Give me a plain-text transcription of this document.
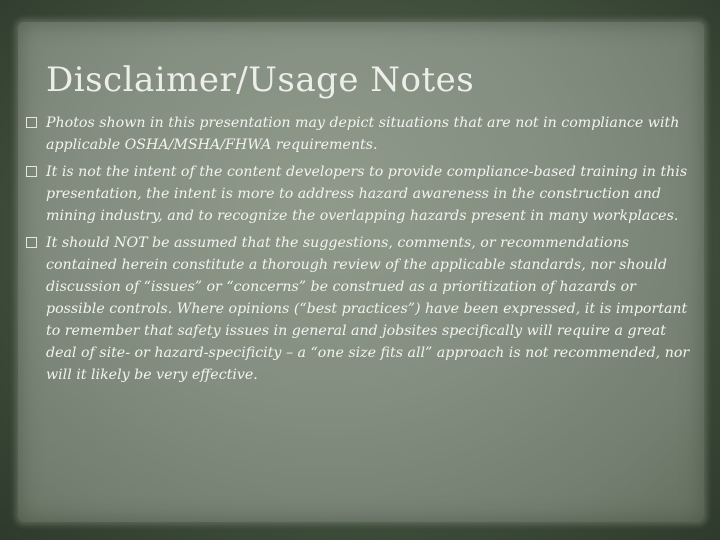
Disclaimer/Usage Notes
Photos shown in this presentation may depict situations that are not in compliance with applicable OSHA/MSHA/FHWA requirements.
It is not the intent of the content developers to provide compliance-based training in this presentation, the intent is more to address hazard awareness in the construction and mining industry, and to recognize the overlapping hazards present in many workplaces.
It should NOT be assumed that the suggestions, comments, or recommendations contained herein constitute a thorough review of the applicable standards, nor should discussion of “issues” or “concerns” be construed as a prioritization of hazards or possible controls. Where opinions (“best practices”) have been expressed, it is important to remember that safety issues in general and jobsites specifically will require a great deal of site- or hazard-specificity – a “one size fits all” approach is not recommended, nor will it likely be very effective.
